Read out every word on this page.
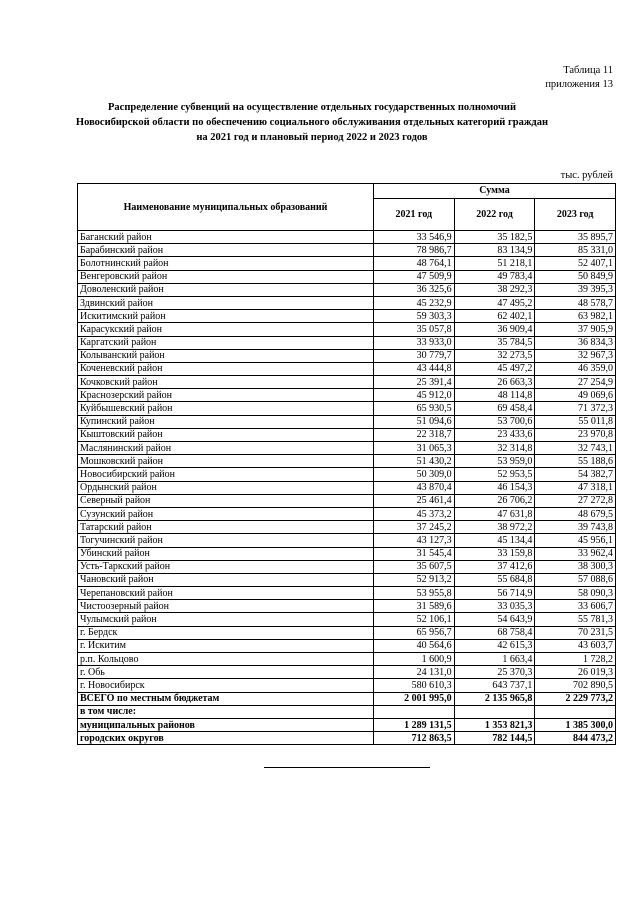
Таблица 11
приложения 13
Распределение субвенций на осуществление отдельных государственных полномочий Новосибирской области по обеспечению социального обслуживания отдельных категорий граждан на 2021 год и плановый период 2022 и 2023 годов
тыс. рублей
Наименование муниципальных образований	Сумма		
	2021 год	2022 год	2023 год
Баганский район	33 546,9	35 182,5	35 895,7
Барабинский район	78 986,7	83 134,9	85 331,0
Болотнинский район	48 764,1	51 218,1	52 407,1
Венгеровский район	47 509,9	49 783,4	50 849,9
Доволенский район	36 325,6	38 292,3	39 395,3
Здвинский район	45 232,9	47 495,2	48 578,7
Искитимский район	59 303,3	62 402,1	63 982,1
Карасукский район	35 057,8	36 909,4	37 905,9
Каргатский район	33 933,0	35 784,5	36 834,3
Колыванский район	30 779,7	32 273,5	32 967,3
Коченевский район	43 444,8	45 497,2	46 359,0
Кочковский район	25 391,4	26 663,3	27 254,9
Краснозерский район	45 912,0	48 114,8	49 069,6
Куйбышевский район	65 930,5	69 458,4	71 372,3
Купинский район	51 094,6	53 700,6	55 011,8
Кыштовский район	22 318,7	23 433,6	23 970,8
Маслянинский район	31 065,3	32 314,8	32 743,1
Мошковский район	51 430,2	53 959,0	55 188,6
Новосибирский район	50 309,0	52 953,5	54 382,7
Ордынский район	43 870,4	46 154,3	47 318,1
Северный район	25 461,4	26 706,2	27 272,8
Сузунский район	45 373,2	47 631,8	48 679,5
Татарский район	37 245,2	38 972,2	39 743,8
Тогучинский район	43 127,3	45 134,4	45 956,1
Убинский район	31 545,4	33 159,8	33 962,4
Усть-Таркский район	35 607,5	37 412,6	38 300,3
Чановский район	52 913,2	55 684,8	57 088,6
Черепановский район	53 955,8	56 714,9	58 090,3
Чистоозерный район	31 589,6	33 035,3	33 606,7
Чулымский район	52 106,1	54 643,9	55 781,3
г. Бердск	65 956,7	68 758,4	70 231,5
г. Искитим	40 564,6	42 615,3	43 603,7
р.п. Кольцово	1 600,9	1 663,4	1 728,2
г. Обь	24 131,0	25 370,3	26 019,3
г. Новосибирск	580 610,3	643 737,1	702 890,5
ВСЕГО по местным бюджетам	2 001 995,0	2 135 965,8	2 229 773,2
в том числе:			
муниципальных районов	1 289 131,5	1 353 821,3	1 385 300,0
городских округов	712 863,5	782 144,5	844 473,2
